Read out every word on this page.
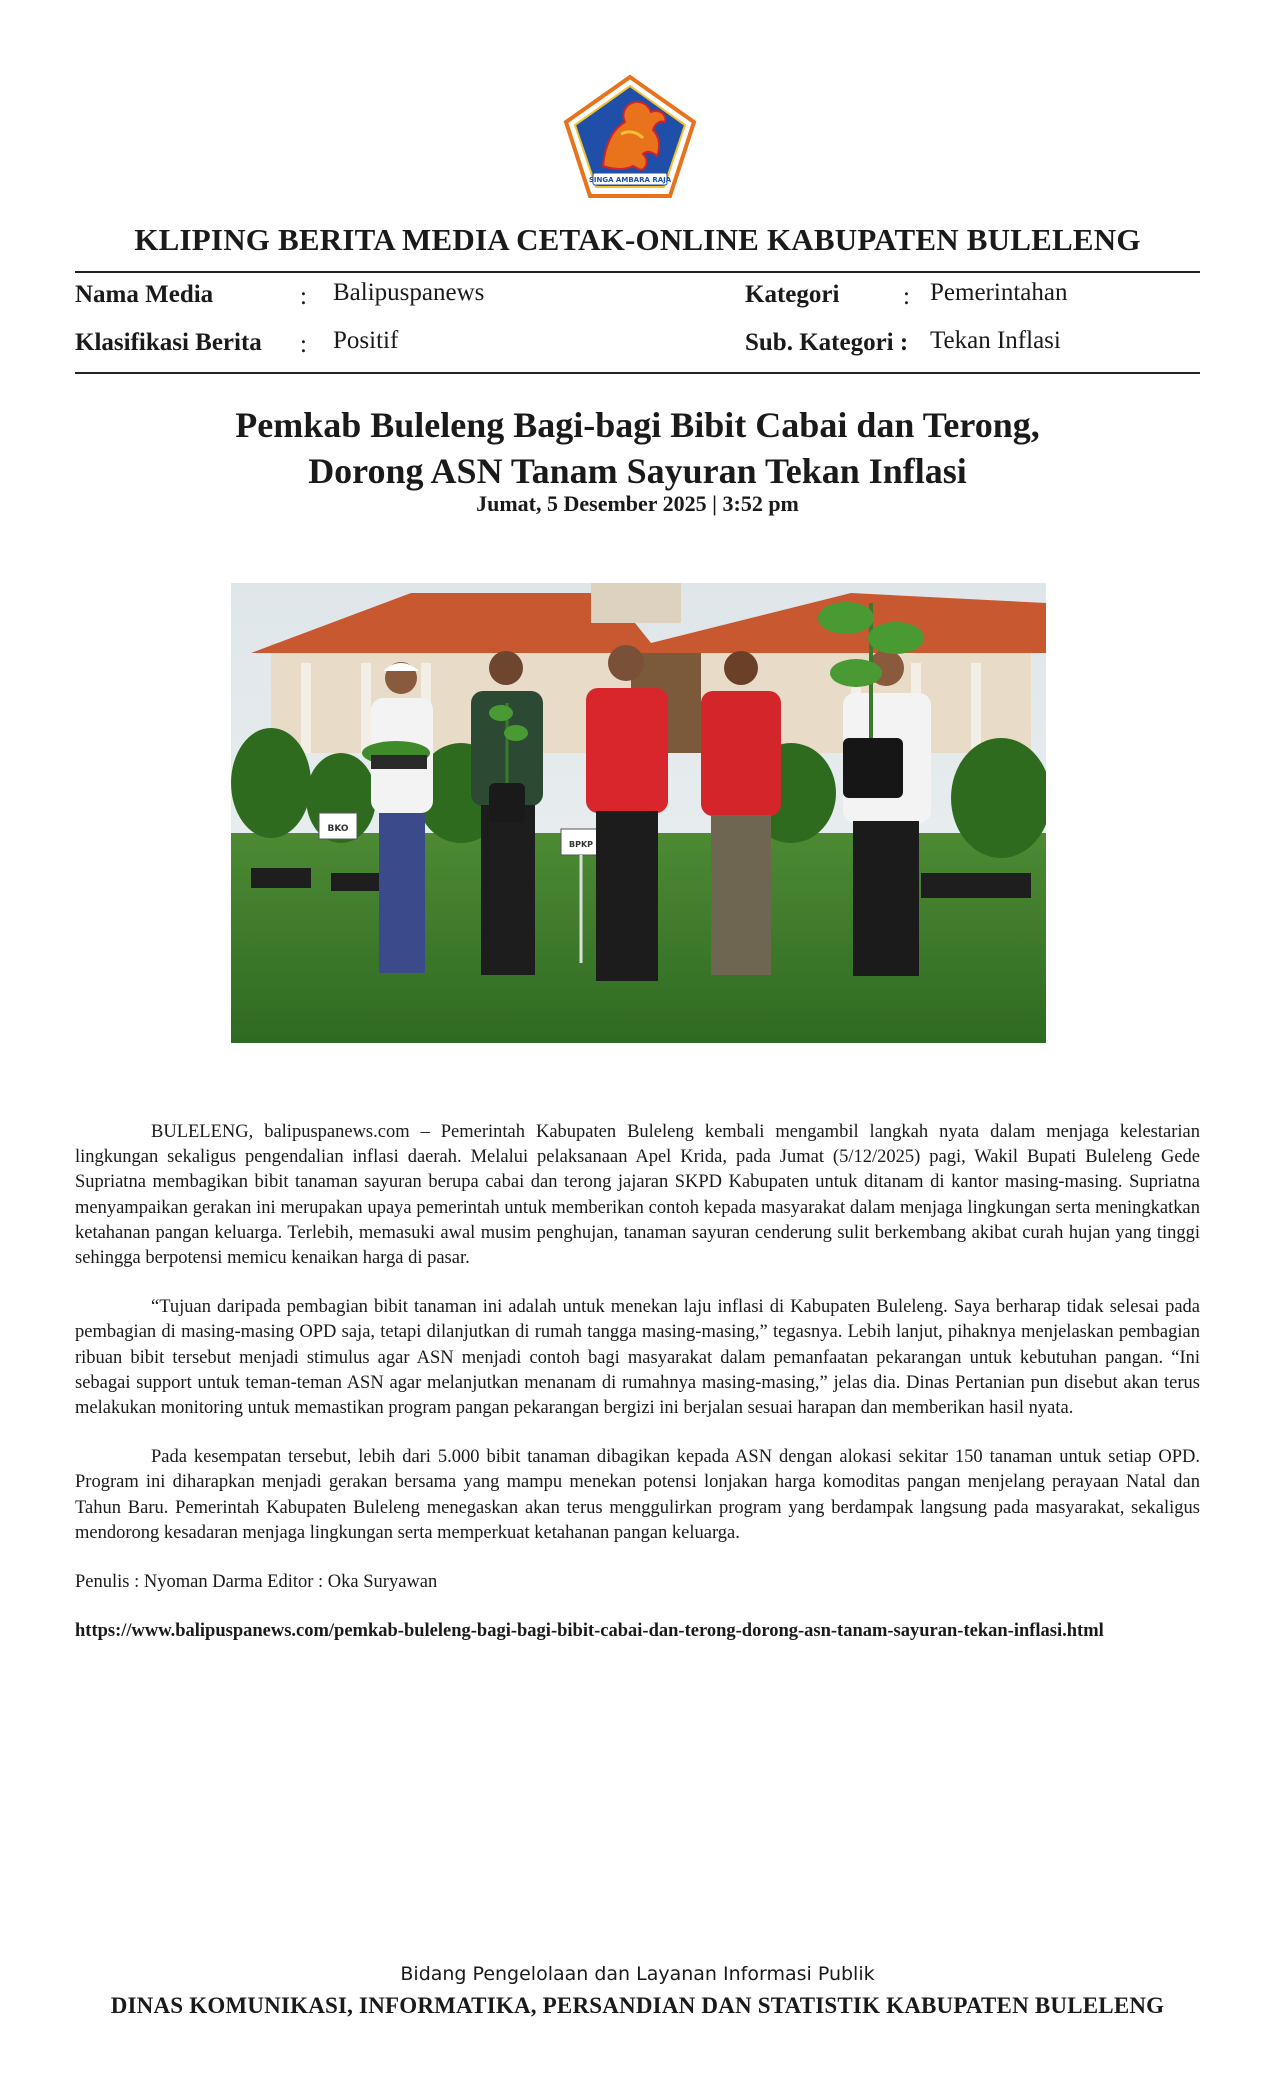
SINGA AMBARA RAJA
KLIPING BERITA MEDIA CETAK-ONLINE KABUPATEN BULELENG
Nama Media	: Balipuspanews
Klasifikasi Berita : Positif
Kategori	: Pemerintahan
Sub. Kategori : Tekan Inflasi
Pemkab Buleleng Bagi-bagi Bibit Cabai dan Terong,
Dorong ASN Tanam Sayuran Tekan Inflasi
Jumat, 5 Desember 2025 | 3:52 pm
BKO
BPKP

BULELENG, balipuspanews.com – Pemerintah Kabupaten Buleleng kembali mengambil langkah nyata dalam menjaga kelestarian lingkungan sekaligus pengendalian inflasi daerah. Melalui pelaksanaan Apel Krida, pada Jumat (5/12/2025) pagi, Wakil Bupati Buleleng Gede Supriatna membagikan bibit tanaman sayuran berupa cabai dan terong jajaran SKPD Kabupaten untuk ditanam di kantor masing-masing. Supriatna menyampaikan gerakan ini merupakan upaya pemerintah untuk memberikan contoh kepada masyarakat dalam menjaga lingkungan serta meningkatkan ketahanan pangan keluarga. Terlebih, memasuki awal musim penghujan, tanaman sayuran cenderung sulit berkembang akibat curah hujan yang tinggi sehingga berpotensi memicu kenaikan harga di pasar.

“Tujuan daripada pembagian bibit tanaman ini adalah untuk menekan laju inflasi di Kabupaten Buleleng. Saya berharap tidak selesai pada pembagian di masing-masing OPD saja, tetapi dilanjutkan di rumah tangga masing-masing,” tegasnya. Lebih lanjut, pihaknya menjelaskan pembagian ribuan bibit tersebut menjadi stimulus agar ASN menjadi contoh bagi masyarakat dalam pemanfaatan pekarangan untuk kebutuhan pangan. “Ini sebagai support untuk teman-teman ASN agar melanjutkan menanam di rumahnya masing-masing,” jelas dia. Dinas Pertanian pun disebut akan terus melakukan monitoring untuk memastikan program pangan pekarangan bergizi ini berjalan sesuai harapan dan memberikan hasil nyata.

Pada kesempatan tersebut, lebih dari 5.000 bibit tanaman dibagikan kepada ASN dengan alokasi sekitar 150 tanaman untuk setiap OPD. Program ini diharapkan menjadi gerakan bersama yang mampu menekan potensi lonjakan harga komoditas pangan menjelang perayaan Natal dan Tahun Baru. Pemerintah Kabupaten Buleleng menegaskan akan terus menggulirkan program yang berdampak langsung pada masyarakat, sekaligus mendorong kesadaran menjaga lingkungan serta memperkuat ketahanan pangan keluarga.

Penulis : Nyoman Darma Editor : Oka Suryawan
https://www.balipuspanews.com/pemkab-buleleng-bagi-bagi-bibit-cabai-dan-terong-dorong-asn-tanam-sayuran-tekan-inflasi.html
Bidang Pengelolaan dan Layanan Informasi Publik
DINAS KOMUNIKASI, INFORMATIKA, PERSANDIAN DAN STATISTIK KABUPATEN BULELENG
